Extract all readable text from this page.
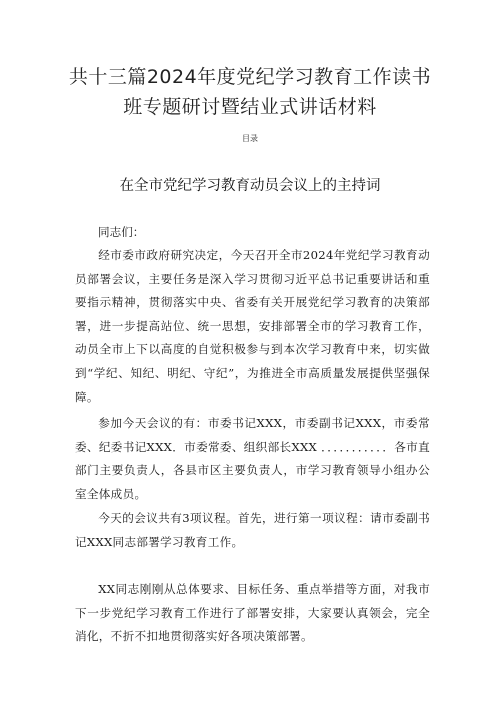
共十三篇2024年度党纪学习教育工作读书班专题研讨暨结业式讲话材料
目录
在全市党纪学习教育动员会议上的主持词
同志们：

经市委市政府研究决定，今天召开全市2024年党纪学习教育动员部署会议，主要任务是深入学习贯彻习近平总书记重要讲话和重要指示精神，贯彻落实中央、省委有关开展党纪学习教育的决策部署，进一步提高站位、统一思想，安排部署全市的学习教育工作，动员全市上下以高度的自觉积极参与到本次学习教育中来，切实做到“学纪、知纪、明纪、守纪”，为推进全市高质量发展提供坚强保障。

参加今天会议的有：市委书记XXX，市委副书记XXX，市委常委、纪委书记XXX．市委常委、组织部长XXX ．．．．．．．．．．．各市直部门主要负责人，各县市区主要负责人，市学习教育领导小组办公室全体成员。

今天的会议共有3项议程。首先，进行第一项议程：请市委副书记XXX同志部署学习教育工作。

XX同志刚刚从总体要求、目标任务、重点举措等方面，对我市下一步党纪学习教育工作进行了部署安排，大家要认真领会，完全消化，不折不扣地贯彻落实好各项决策部署。
